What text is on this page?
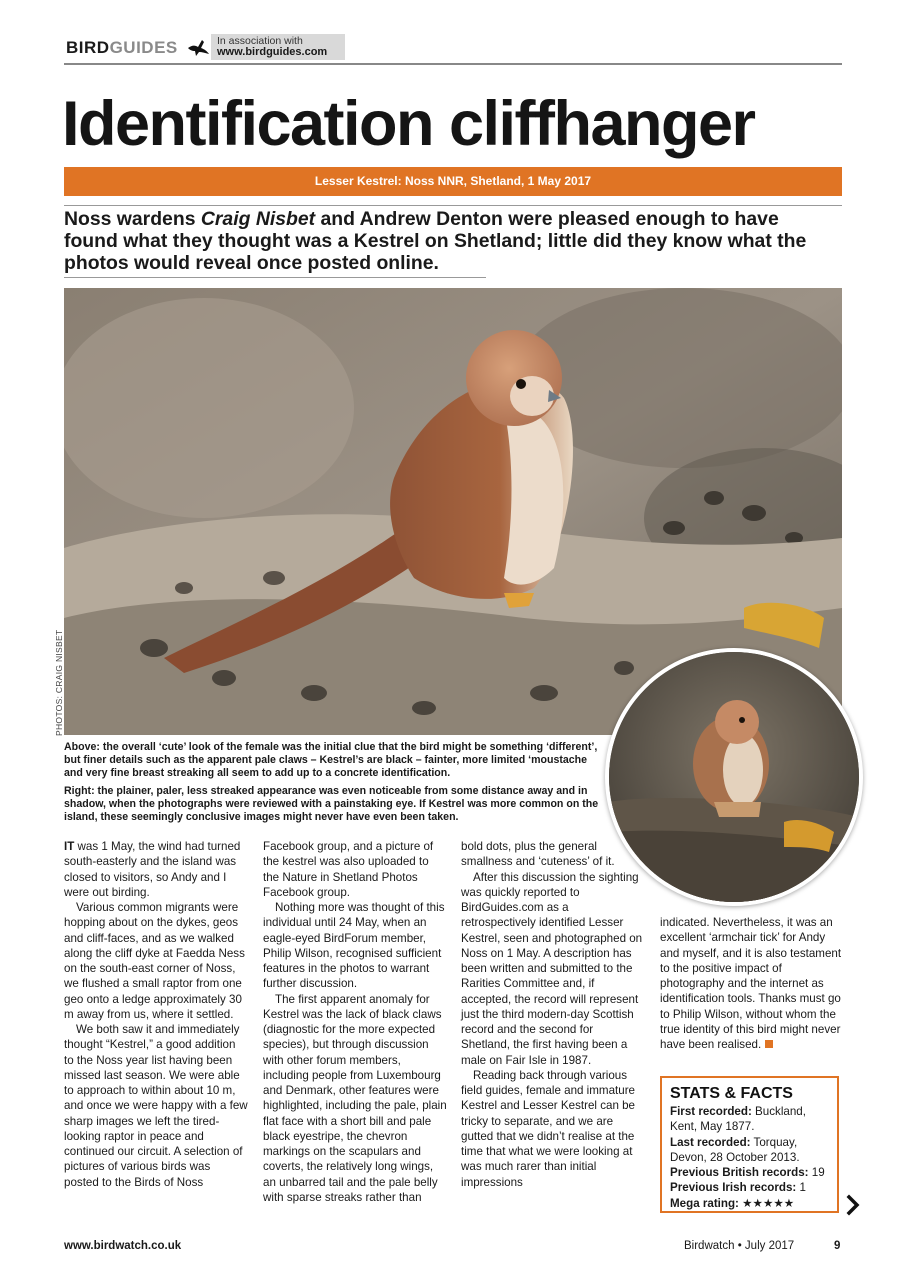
BIRDGUIDES	In association with
www.birdguides.com
Identification cliffhanger
Lesser Kestrel: Noss NNR, Shetland, 1 May 2017
Noss wardens Craig Nisbet and Andrew Denton were pleased enough to have found what they thought was a Kestrel on Shetland; little did they know what the photos would reveal once posted online.
PHOTOS: CRAIG NISBET
Above: the overall ‘cute’ look of the female was the initial clue that the bird might be something ‘different’, but finer details such as the apparent pale claws – Kestrel’s are black – fainter, more limited ‘moustache and very fine breast streaking all seem to add up to a concrete identification.
Right: the plainer, paler, less streaked appearance was even noticeable from some distance away and in shadow, when the photographs were reviewed with a painstaking eye. If Kestrel was more common on the island, these seemingly conclusive images might never have even been taken.

IT was 1 May, the wind had turned south-easterly and the island was closed to visitors, so Andy and I were out birding.

Various common migrants were hopping about on the dykes, geos and cliff-faces, and as we walked along the cliff dyke at Faedda Ness on the south-east corner of Noss, we flushed a small raptor from one geo onto a ledge approximately 30 m away from us, where it settled.

We both saw it and immediately thought “Kestrel,” a good addition to the Noss year list having been missed last season. We were able to approach to within about 10 m, and once we were happy with a few sharp images we left the tired-looking raptor in peace and continued our circuit. A selection of pictures of various birds was posted to the Birds of Noss

Facebook group, and a picture of the kestrel was also uploaded to the Nature in Shetland Photos Facebook group.

Nothing more was thought of this individual until 24 May, when an eagle-eyed BirdForum member, Philip Wilson, recognised sufficient features in the photos to warrant further discussion.

The first apparent anomaly for Kestrel was the lack of black claws (diagnostic for the more expected species), but through discussion with other forum members, including people from Luxembourg and Denmark, other features were highlighted, including the pale, plain flat face with a short bill and pale black eyestripe, the chevron markings on the scapulars and coverts, the relatively long wings, an unbarred tail and the pale belly with sparse streaks rather than

bold dots, plus the general smallness and ‘cuteness’ of it.

After this discussion the sighting was quickly reported to BirdGuides.com as a retrospectively identified Lesser Kestrel, seen and photographed on Noss on 1 May. A description has been written and submitted to the Rarities Committee and, if accepted, the record will represent just the third modern-day Scottish record and the second for Shetland, the first having been a male on Fair Isle in 1987.

Reading back through various field guides, female and immature Kestrel and Lesser Kestrel can be tricky to separate, and we are gutted that we didn’t realise at the time that what we were looking at was much rarer than initial impressions

indicated. Nevertheless, it was an excellent ‘armchair tick’ for Andy and myself, and it is also testament to the positive impact of photography and the internet as identification tools. Thanks must go to Philip Wilson, without whom the true identity of this bird might never have been realised.

STATS & FACTS
First recorded: Buckland, Kent, May 1877.
Last recorded: Torquay, Devon, 28 October 2013.
Previous British records: 19
Previous Irish records: 1
Mega rating: ★★★★★
www.birdwatch.co.uk	Birdwatch • July 2017	9
